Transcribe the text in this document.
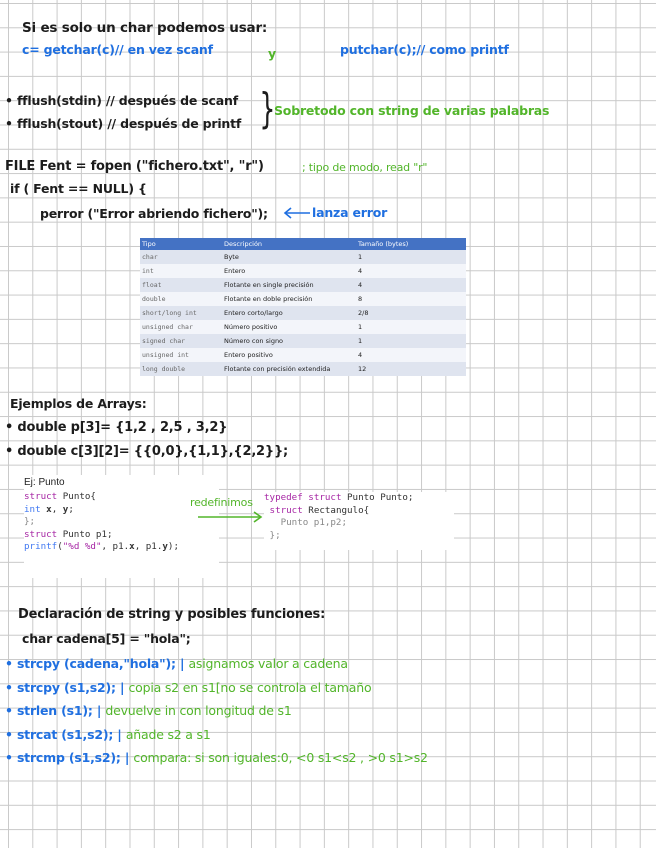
Si es solo un char podemos usar:
c= getchar(c)// en vez scanf	y	putchar(c);// como printf
• fflush(stdin) // después de scanf
• fflush(stout) // después de printf }
Sobretodo con string de varias palabras
FILE Fent = fopen ("fichero.txt", "r")	; tipo de modo, read "r"
if ( Fent == NULL) {
perror ("Error abriendo fichero");	lanza error
Tipo	Descripción	Tamaño (bytes)
char	Byte	1
int	Entero	4
float	Flotante en single precisión	4
double	Flotante en doble precisión	8
short/long int	Entero corto/largo	2/8
unsigned char	Número positivo	1
signed char	Número con signo	1
unsigned int	Entero positivo	4
long double	Flotante con precisión extendida	12
Ejemplos de Arrays:
• double p[3]= {1,2 , 2,5 , 3,2}
• double c[3][2]= {{0,0},{1,1},{2,2}};
Ej: Punto
struct Punto{
int x, y;
};
struct Punto p1;
printf("%d %d", p1.x, p1.y);
redefinimos typedef struct Punto Punto;
struct Rectangulo{
Punto p1,p2;
};
Declaración de string y posibles funciones:
char cadena[5] = "hola";
• strcpy (cadena,"hola"); | asignamos valor a cadena
• strcpy (s1,s2); | copia s2 en s1[no se controla el tamaño
• strlen (s1); | devuelve in con longitud de s1
• strcat (s1,s2); | añade s2 a s1
• strcmp (s1,s2); | compara: si son iguales:0, <0 s1<s2 , >0 s1>s2
